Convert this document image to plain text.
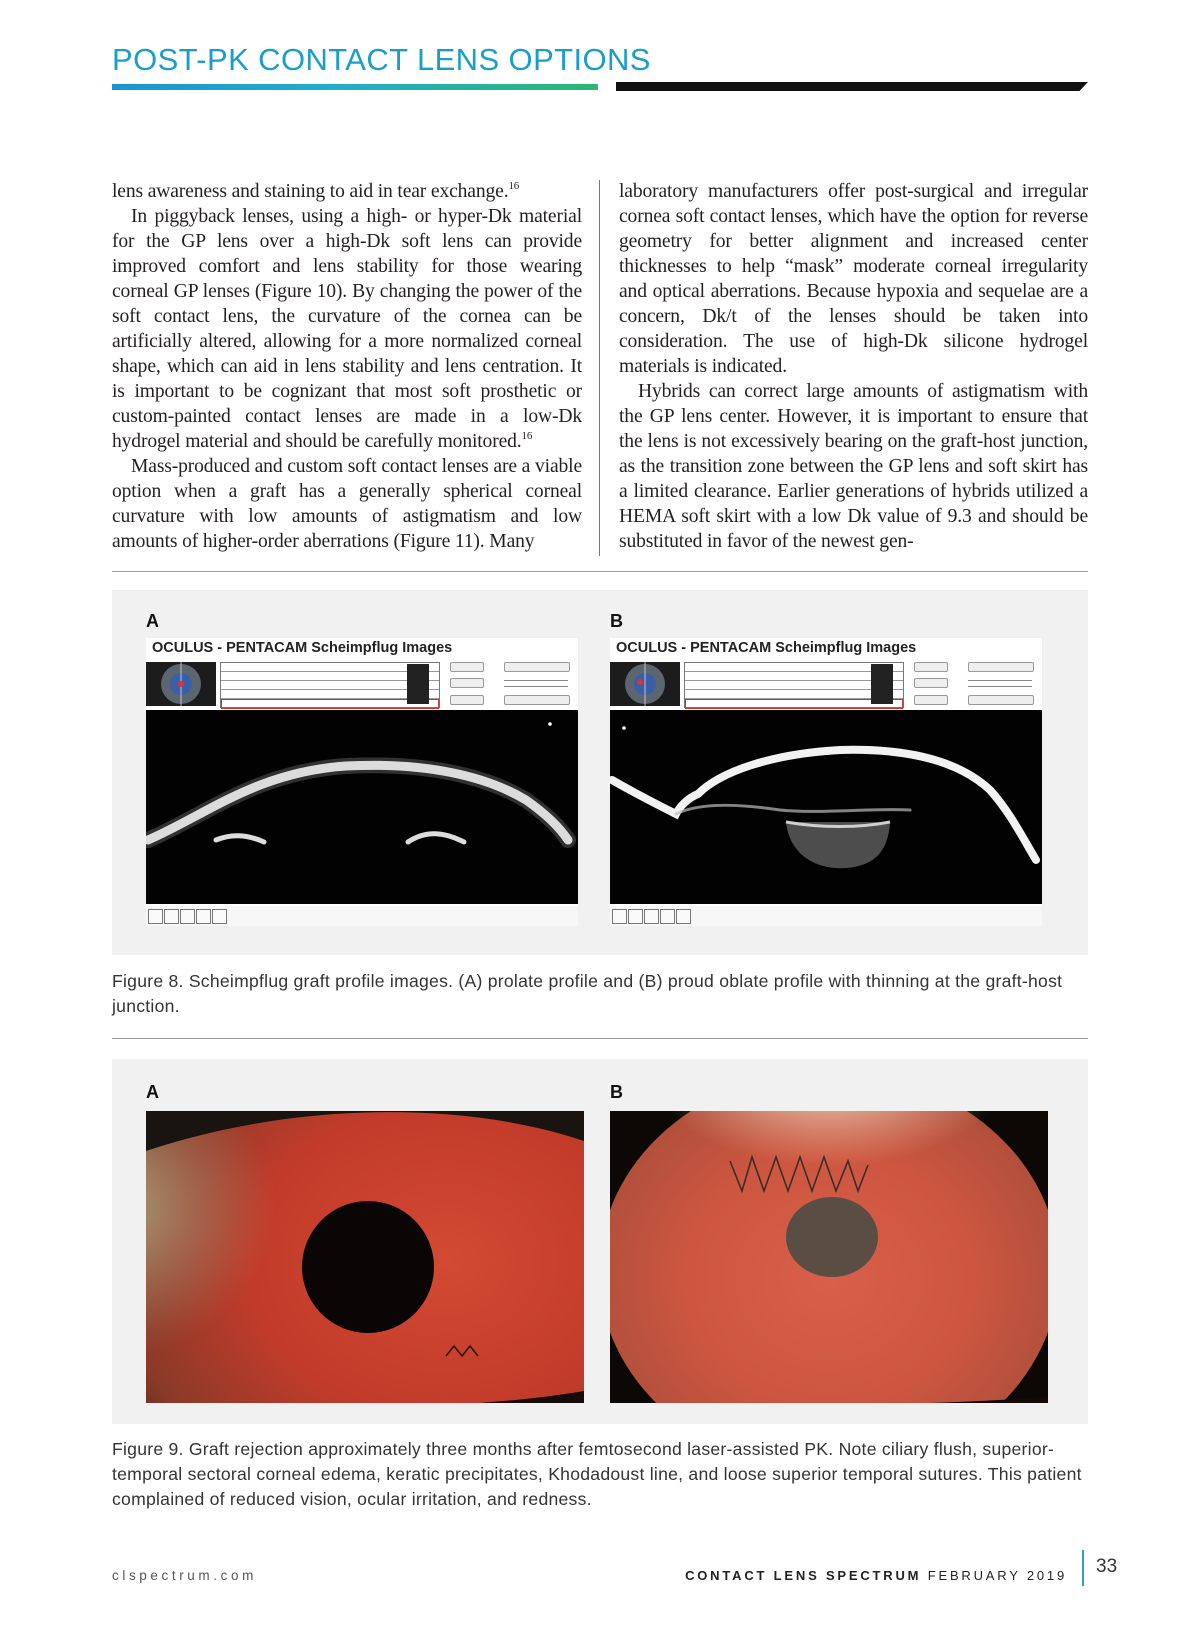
POST-PK CONTACT LENS OPTIONS

lens awareness and staining to aid in tear exchange.$^{16}$

In piggyback lenses, using a high- or hyper-Dk material for the GP lens over a high-Dk soft lens can provide improved comfort and lens stability for those wearing corneal GP lenses (Figure 10). By changing the power of the soft contact lens, the curvature of the cornea can be artificially altered, allowing for a more normalized corneal shape, which can aid in lens stability and lens centration. It is important to be cognizant that most soft prosthetic or custom-painted contact lenses are made in a low-Dk hydrogel material and should be carefully monitored.$^{16}$

Mass-produced and custom soft contact lenses are a viable option when a graft has a generally spherical corneal curvature with low amounts of astigmatism and low amounts of higher-order aberrations (Figure 11). Many

laboratory manufacturers offer post-surgical and irregular cornea soft contact lenses, which have the option for reverse geometry for better alignment and increased center thicknesses to help “mask” moderate corneal irregularity and optical aberrations. Because hypoxia and sequelae are a concern, Dk/t of the lenses should be taken into consideration. The use of high-Dk silicone hydrogel materials is indicated.

Hybrids can correct large amounts of astigmatism with the GP lens center. However, it is important to ensure that the lens is not excessively bearing on the graft-host junction, as the transition zone between the GP lens and soft skirt has a limited clearance. Earlier generations of hybrids utilized a HEMA soft skirt with a low Dk value of 9.3 and should be substituted in favor of the newest gen-

A	B
OCULUS - PENTACAM Scheimpflug Images	OCULUS - PENTACAM Scheimpflug Images

Figure 8. Scheimpflug graft profile images. (A) prolate profile and (B) proud oblate profile with thinning at the graft-host junction.

A	B

Figure 9. Graft rejection approximately three months after femtosecond laser-assisted PK. Note ciliary flush, superior-temporal sectoral corneal edema, keratic precipitates, Khodadoust line, and loose superior temporal sutures. This patient complained of reduced vision, ocular irritation, and redness.

clspectrum.com	CONTACT LENS SPECTRUM FEBRUARY 2019 33
